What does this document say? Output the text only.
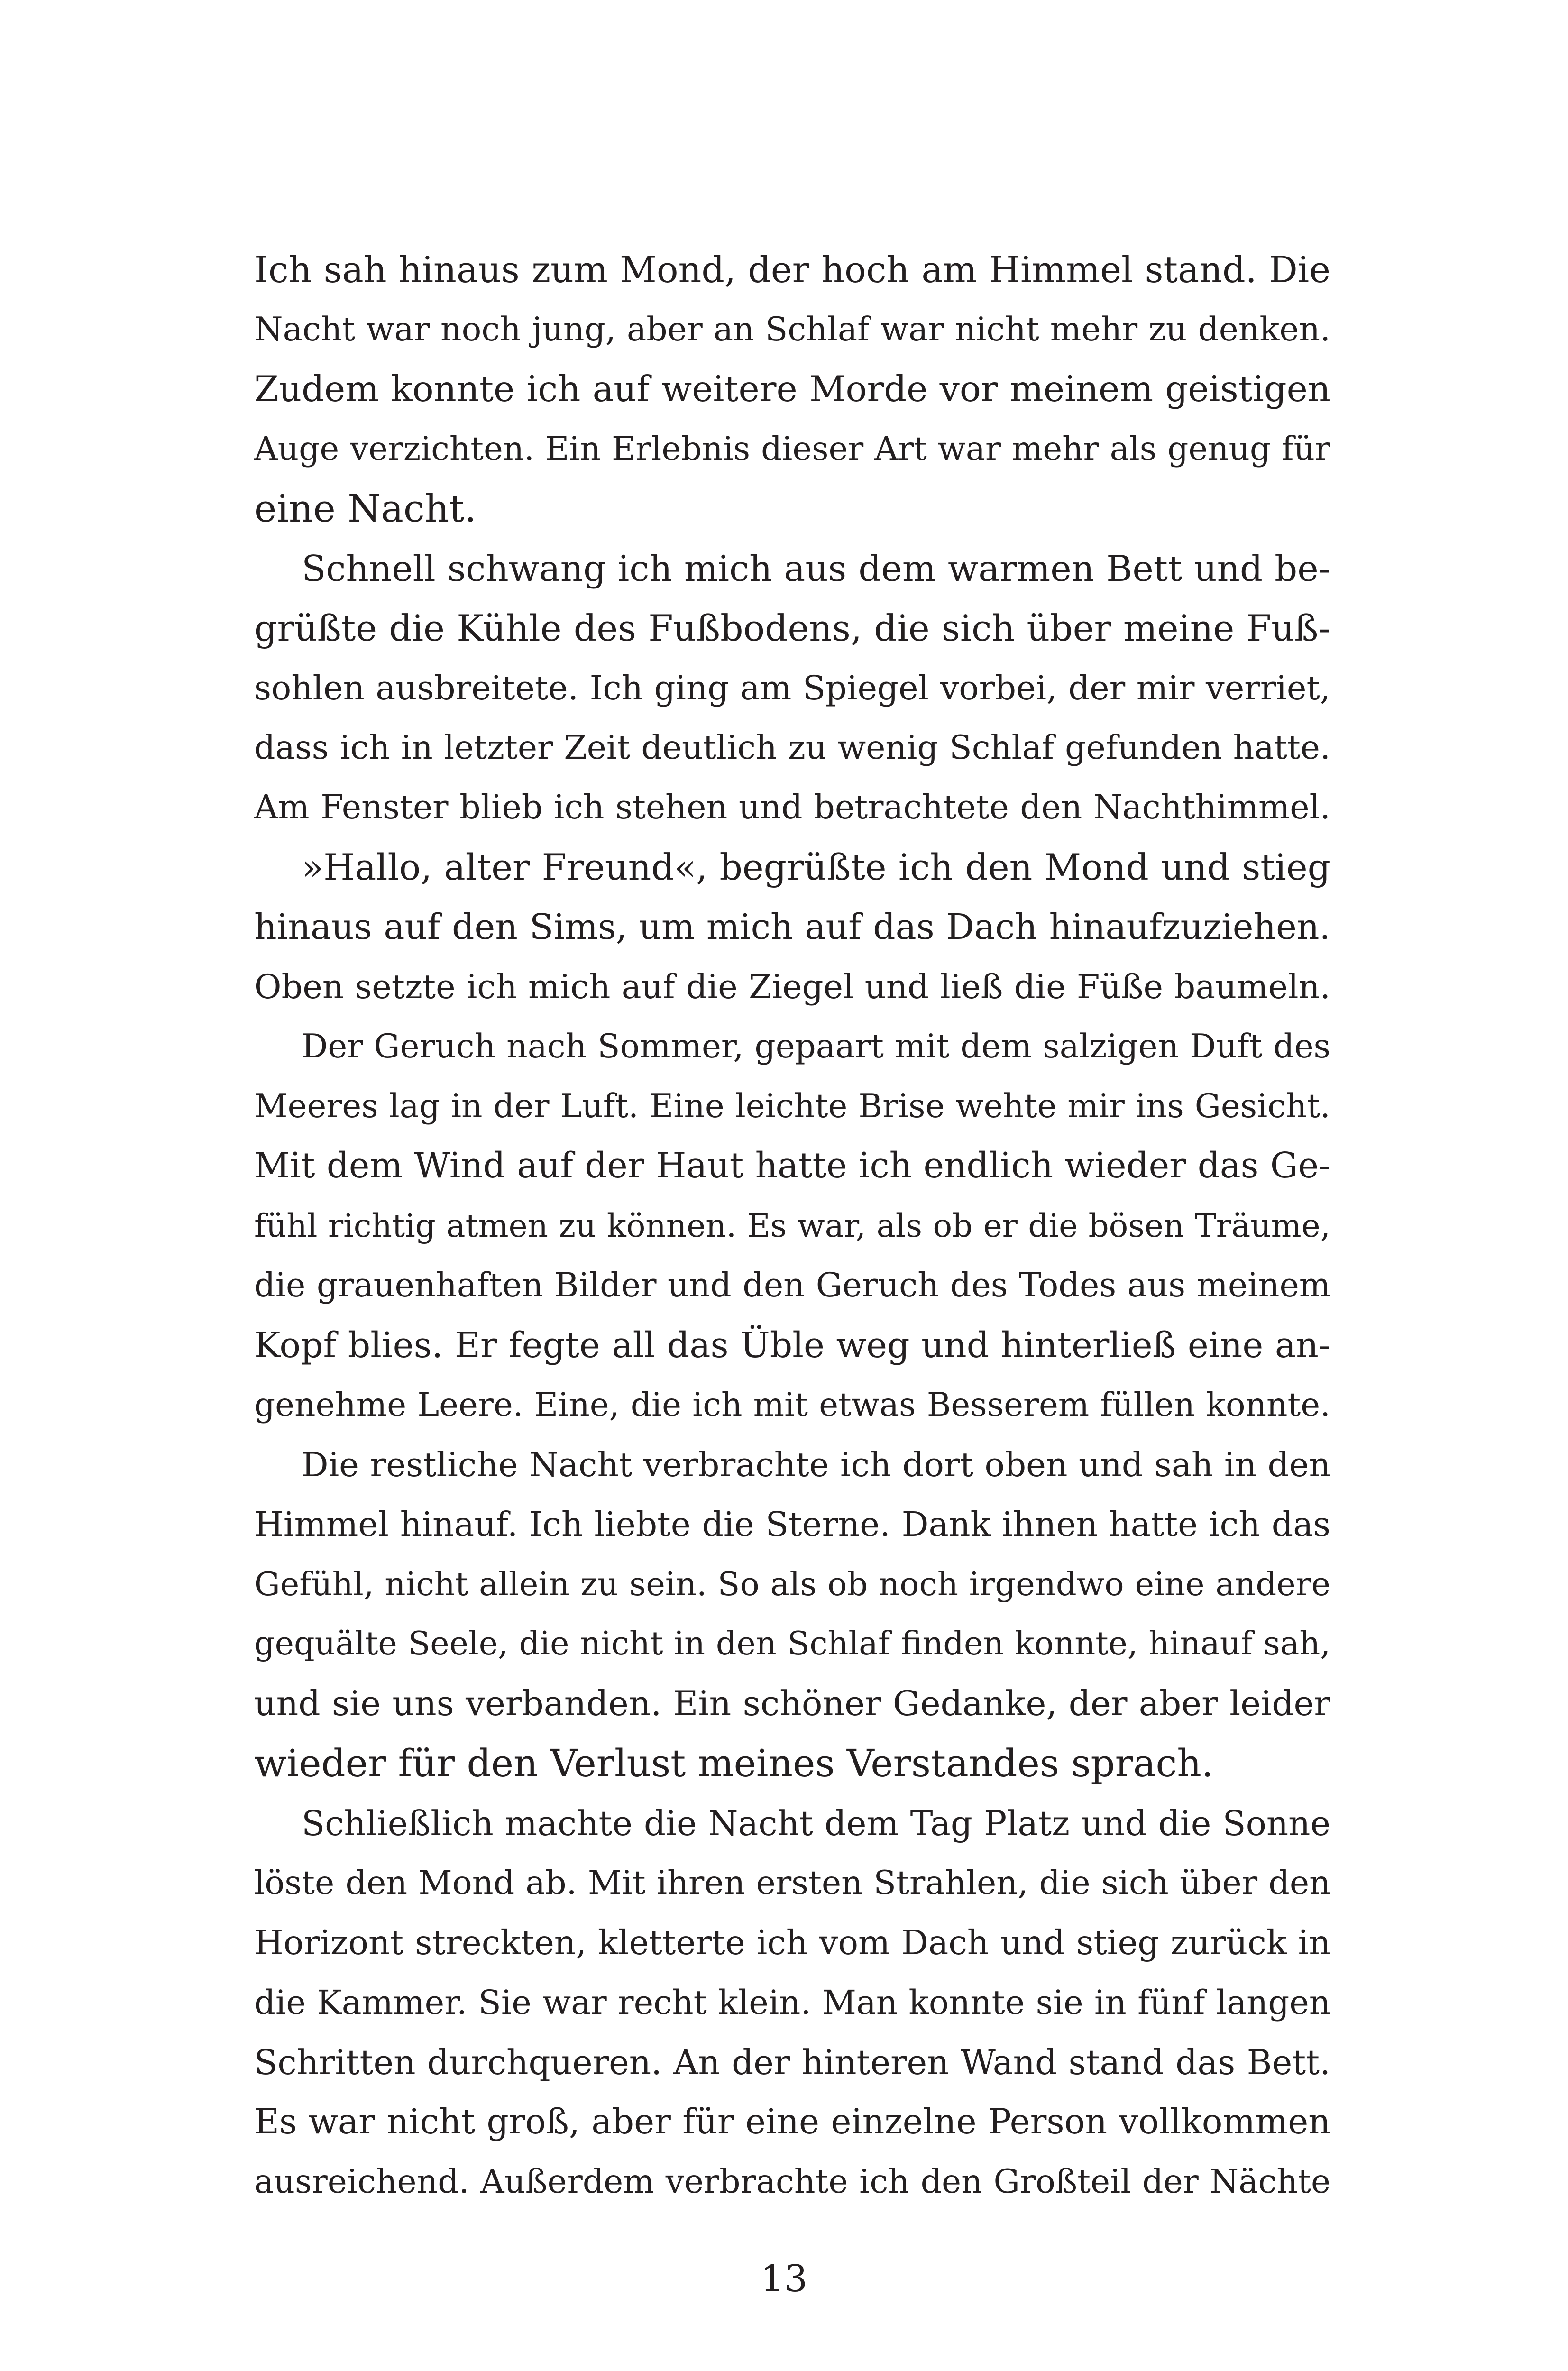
Ich sah hinaus zum Mond, der hoch am Himmel stand. Die
Nacht war noch jung, aber an Schlaf war nicht mehr zu denken.
Zudem konnte ich auf weitere Morde vor meinem geistigen
Auge verzichten. Ein Erlebnis dieser Art war mehr als genug für
eine Nacht.
Schnell schwang ich mich aus dem warmen Bett und be-
grüßte die Kühle des Fußbodens, die sich über meine Fuß-
sohlen ausbreitete. Ich ging am Spiegel vorbei, der mir verriet,
dass ich in letzter Zeit deutlich zu wenig Schlaf gefunden hatte.
Am Fenster blieb ich stehen und betrachtete den Nachthimmel.
»Hallo, alter Freund«, begrüßte ich den Mond und stieg
hinaus auf den Sims, um mich auf das Dach hinaufzuziehen.
Oben setzte ich mich auf die Ziegel und ließ die Füße baumeln.
Der Geruch nach Sommer, gepaart mit dem salzigen Duft des
Meeres lag in der Luft. Eine leichte Brise wehte mir ins Gesicht.
Mit dem Wind auf der Haut hatte ich endlich wieder das Ge-
fühl richtig atmen zu können. Es war, als ob er die bösen Träume,
die grauenhaften Bilder und den Geruch des Todes aus meinem
Kopf blies. Er fegte all das Üble weg und hinterließ eine an-
genehme Leere. Eine, die ich mit etwas Besserem füllen konnte.
Die restliche Nacht verbrachte ich dort oben und sah in den
Himmel hinauf. Ich liebte die Sterne. Dank ihnen hatte ich das
Gefühl, nicht allein zu sein. So als ob noch irgendwo eine andere
gequälte Seele, die nicht in den Schlaf finden konnte, hinauf sah,
und sie uns verbanden. Ein schöner Gedanke, der aber leider
wieder für den Verlust meines Verstandes sprach.
Schließlich machte die Nacht dem Tag Platz und die Sonne
löste den Mond ab. Mit ihren ersten Strahlen, die sich über den
Horizont streckten, kletterte ich vom Dach und stieg zurück in
die Kammer. Sie war recht klein. Man konnte sie in fünf langen
Schritten durchqueren. An der hinteren Wand stand das Bett.
Es war nicht groß, aber für eine einzelne Person vollkommen
ausreichend. Außerdem verbrachte ich den Großteil der Nächte
13
